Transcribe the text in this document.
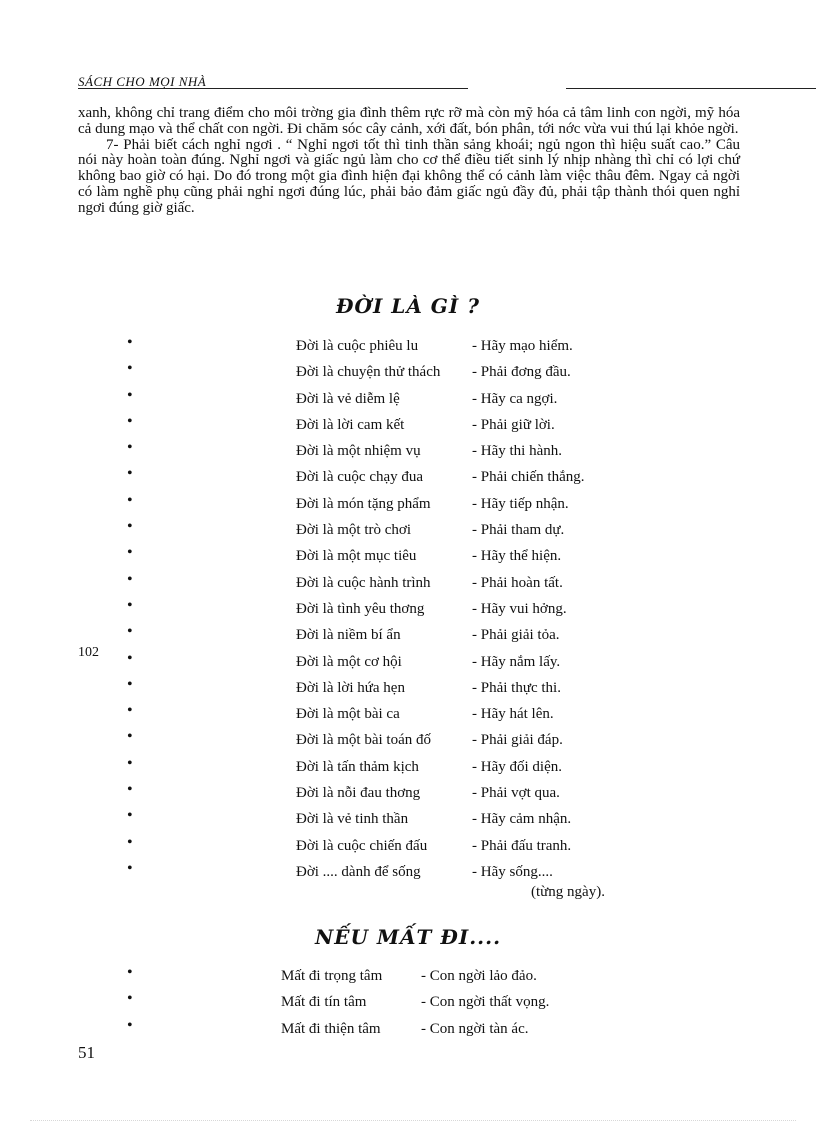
SÁCH CHO MỌI NHÀ

xanh, không chỉ trang điểm cho môi trờng gia đình thêm rực rỡ mà còn mỹ hóa cả tâm linh con ngời, mỹ hóa cả dung mạo và thể chất con ngời. Đi chăm sóc cây cảnh, xới đất, bón phân, tới nớc vừa vui thú lại khỏe ngời.

7- Phải biết cách nghỉ ngơi . “ Nghỉ ngơi tốt thì tinh thần sảng khoái; ngủ ngon thì hiệu suất cao.” Câu nói này hoàn toàn đúng. Nghỉ ngơi và giấc ngủ làm cho cơ thể điều tiết sinh lý nhịp nhàng thì chỉ có lợi chứ không bao giờ có hại. Do đó trong một gia đình hiện đại không thể có cảnh làm việc thâu đêm. Ngay cả ngời có làm nghề phụ cũng phải nghỉ ngơi đúng lúc, phải bảo đảm giấc ngủ đầy đủ, phải tập thành thói quen nghỉ ngơi đúng giờ giấc.

ĐỜI LÀ GÌ ?
•	Đời là cuộc phiêu lu	- Hãy mạo hiểm.
•	Đời là chuyện thử thách - Phải đơng đầu.
•	Đời là vẻ diễm lệ	- Hãy ca ngợi.
•	Đời là lời cam kết	- Phải giữ lời.
•	Đời là một nhiệm vụ	- Hãy thi hành.
•	Đời là cuộc chạy đua	- Phải chiến thắng.
•	Đời là món tặng phẩm	- Hãy tiếp nhận.
•	Đời là một trò chơi	- Phải tham dự.
•	Đời là một mục tiêu	- Hãy thể hiện.
•	Đời là cuộc hành trình	- Phải hoàn tất.
•	Đời là tình yêu thơng	- Hãy vui hởng.
•	Đời là niềm bí ẩn	- Phải giải tỏa.
•	Đời là một cơ hội	- Hãy nắm lấy.
•	Đời là lời hứa hẹn	- Phải thực thi.
•	Đời là một bài ca	- Hãy hát lên.
•	Đời là một bài toán đố	- Phải giải đáp.
•	Đời là tấn thảm kịch	- Hãy đối diện.
•	Đời là nỗi đau thơng	- Phải vợt qua.
•	Đời là vẻ tinh thần	- Hãy cảm nhận.
•	Đời là cuộc chiến đấu	- Phải đấu tranh.
•	Đời .... dành để sống	- Hãy sống....
(từng ngày).
102
NẾU MẤT ĐI....
•	Mất đi trọng tâm	- Con ngời lảo đảo.
•	Mất đi tín tâm	- Con ngời thất vọng.
•	Mất đi thiện tâm	- Con ngời tàn ác.
51
